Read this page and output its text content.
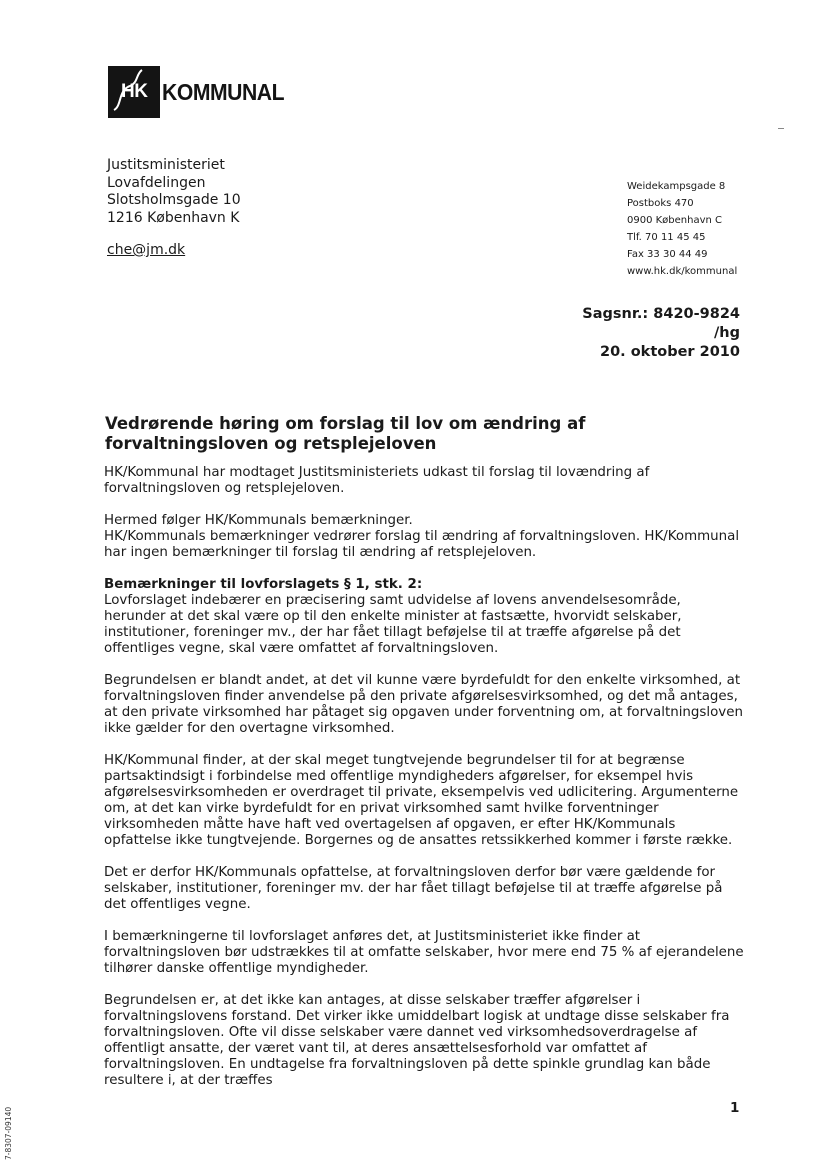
HK KOMMUNAL
Justitsministeriet
Lovafdelingen
Slotsholmsgade 10
1216 København K
che@jm.dk
Weidekampsgade 8
Postboks 470
0900 København C
Tlf. 70 11 45 45
Fax 33 30 44 49
www.hk.dk/kommunal
Sagsnr.: 8420-9824
/hg
20. oktober 2010
Vedrørende høring om forslag til lov om ændring af forvaltningsloven og retsplejeloven

HK/Kommunal har modtaget Justitsministeriets udkast til forslag til lovændring af forvaltningsloven og retsplejeloven.

Hermed følger HK/Kommunals bemærkninger.

HK/Kommunals bemærkninger vedrører forslag til ændring af forvaltningsloven. HK/Kommunal har ingen bemærkninger til forslag til ændring af retsplejeloven.

Bemærkninger til lovforslagets § 1, stk. 2:
Lovforslaget indebærer en præcisering samt udvidelse af lovens anvendelsesområde, herunder at det skal være op til den enkelte minister at fastsætte, hvorvidt selskaber, institutioner, foreninger mv., der har fået tillagt beføjelse til at træffe afgørelse på det offentliges vegne, skal være omfattet af forvaltningsloven.

Begrundelsen er blandt andet, at det vil kunne være byrdefuldt for den enkelte virksomhed, at forvaltningsloven finder anvendelse på den private afgørelsesvirksomhed, og det må antages, at den private virksomhed har påtaget sig opgaven under forventning om, at forvaltningsloven ikke gælder for den overtagne virksomhed.

HK/Kommunal finder, at der skal meget tungtvejende begrundelser til for at begrænse partsaktindsigt i forbindelse med offentlige myndigheders afgørelser, for eksempel hvis afgørelsesvirksomheden er overdraget til private, eksempelvis ved udlicitering. Argumenterne om, at det kan virke byrdefuldt for en privat virksomhed samt hvilke forventninger virksomheden måtte have haft ved overtagelsen af opgaven, er efter HK/Kommunals opfattelse ikke tungtvejende. Borgernes og de ansattes retssikkerhed kommer i første række.

Det er derfor HK/Kommunals opfattelse, at forvaltningsloven derfor bør være gældende for selskaber, institutioner, foreninger mv. der har fået tillagt beføjelse til at træffe afgørelse på det offentliges vegne.

I bemærkningerne til lovforslaget anføres det, at Justitsministeriet ikke finder at forvaltningsloven bør udstrækkes til at omfatte selskaber, hvor mere end 75 % af ejerandelene tilhører danske offentlige myndigheder.

Begrundelsen er, at det ikke kan antages, at disse selskaber træffer afgørelser i forvaltningslovens forstand. Det virker ikke umiddelbart logisk at undtage disse selskaber fra forvaltningsloven. Ofte vil disse selskaber være dannet ved virksomhedsoverdragelse af offentligt ansatte, der været vant til, at deres ansættelsesforhold var omfattet af forvaltningsloven. En undtagelse fra forvaltningsloven på dette spinkle grundlag kan både resultere i, at der træffes

1
7-8307-09140
